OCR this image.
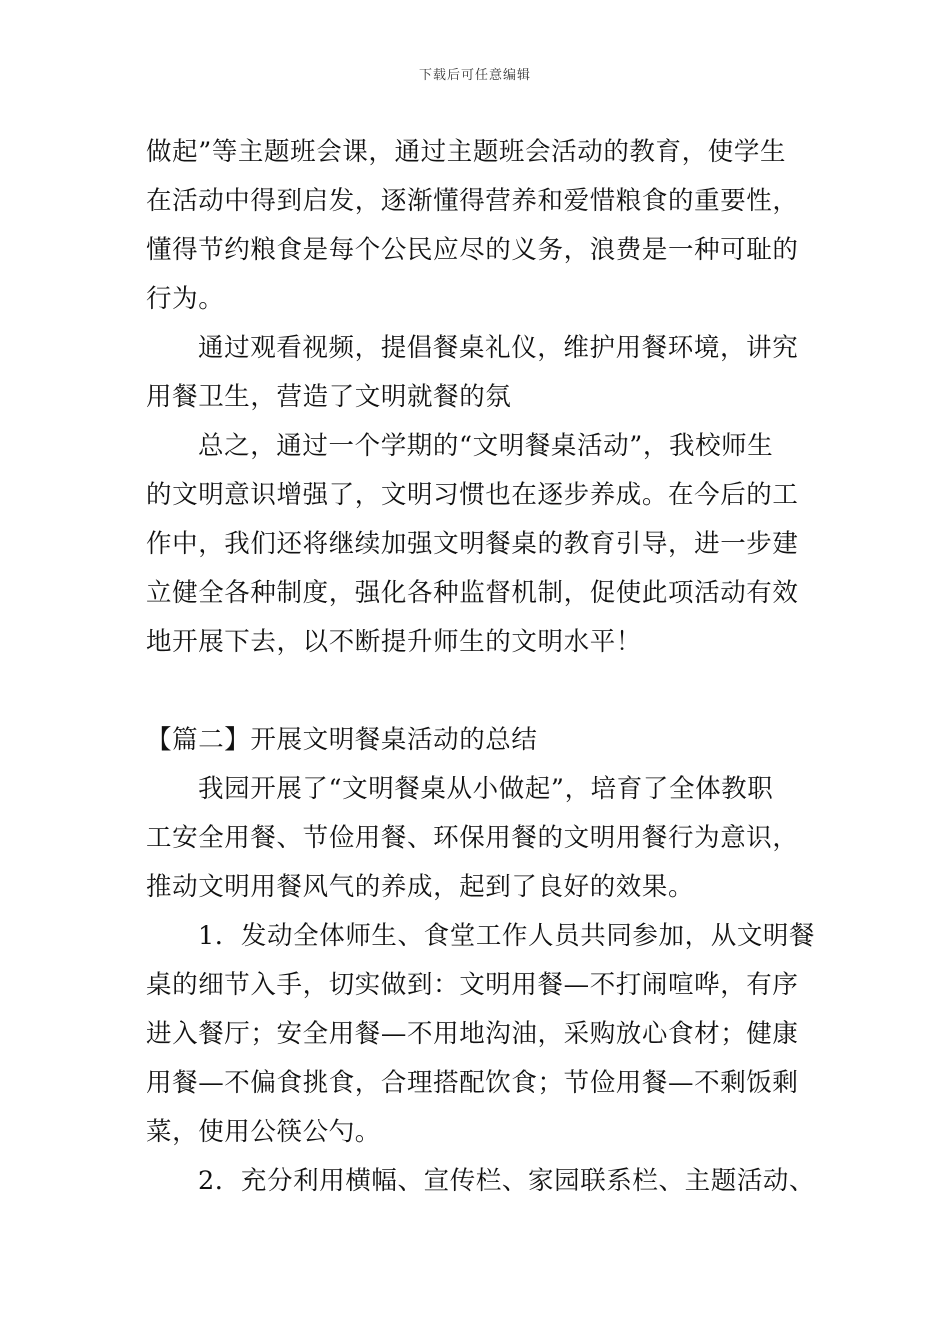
下载后可任意编辑
做起”等主题班会课，通过主题班会活动的教育，使学生
在活动中得到启发，逐渐懂得营养和爱惜粮食的重要性，
懂得节约粮食是每个公民应尽的义务，浪费是一种可耻的
行为。
通过观看视频，提倡餐桌礼仪，维护用餐环境，讲究
用餐卫生，营造了文明就餐的氛
总之，通过一个学期的“文明餐桌活动”，我校师生
的文明意识增强了，文明习惯也在逐步养成。在今后的工
作中，我们还将继续加强文明餐桌的教育引导，进一步建
立健全各种制度，强化各种监督机制，促使此项活动有效
地开展下去，以不断提升师生的文明水平！
【篇二】开展文明餐桌活动的总结
我园开展了“文明餐桌从小做起”，培育了全体教职
工安全用餐、节俭用餐、环保用餐的文明用餐行为意识，
推动文明用餐风气的养成，起到了良好的效果。
1．发动全体师生、食堂工作人员共同参加，从文明餐
桌的细节入手，切实做到：文明用餐—不打闹喧哗，有序
进入餐厅；安全用餐—不用地沟油，采购放心食材；健康
用餐—不偏食挑食，合理搭配饮食；节俭用餐—不剩饭剩
菜，使用公筷公勺。
2．充分利用横幅、宣传栏、家园联系栏、主题活动、
